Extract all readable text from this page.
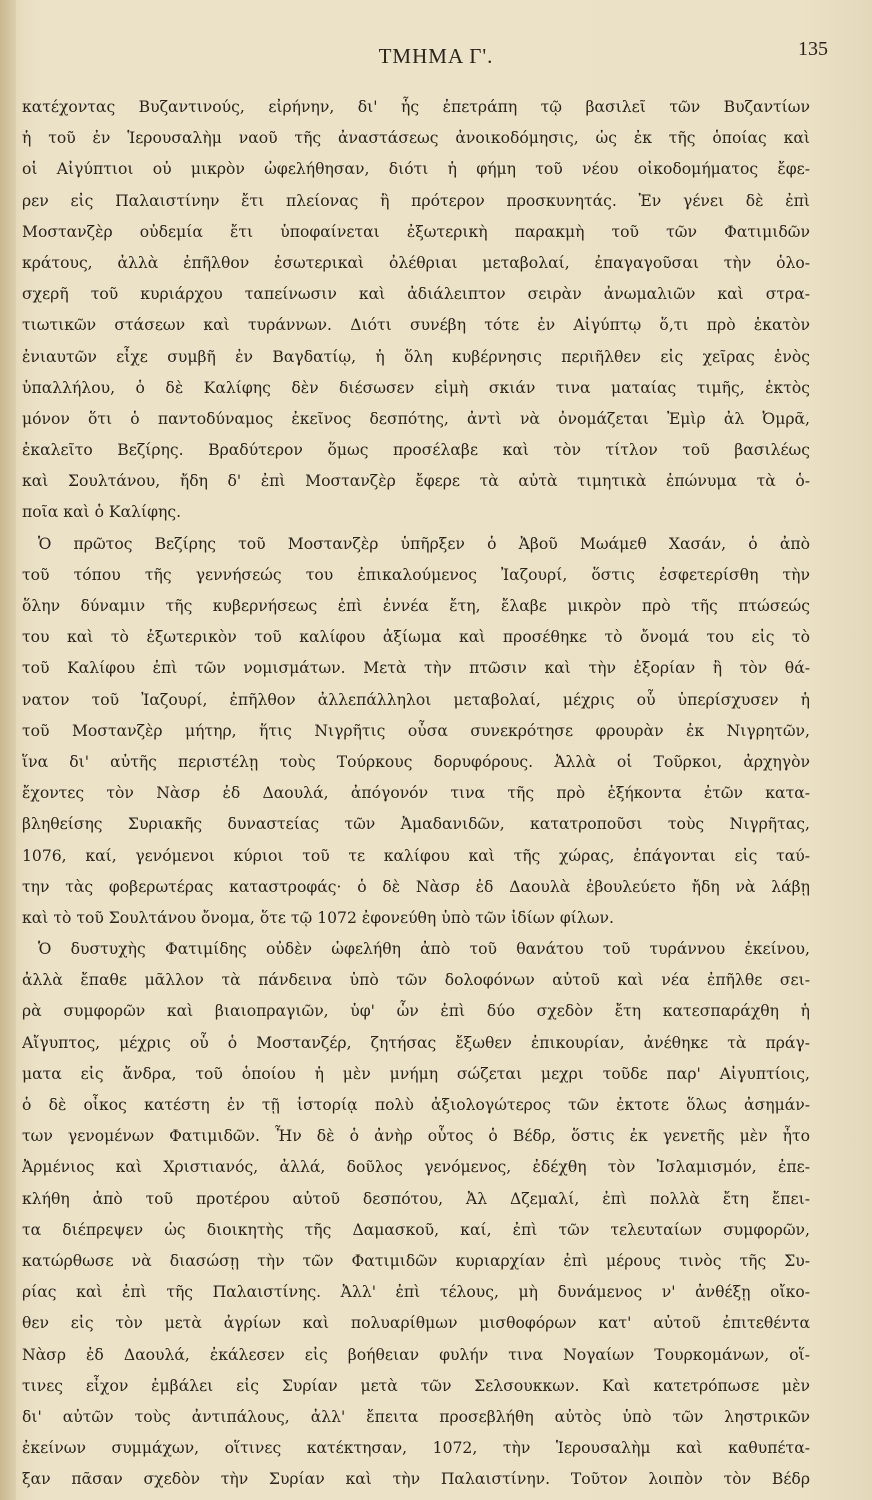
ΤΜΗΜΑ Γ'.	135
κατέχοντας Βυζαντινούς, εἰρήνην, δι' ἧς ἐπετράπη τῷ βασιλεῖ τῶν Βυζαντίων
ἡ τοῦ ἐν Ἱερουσαλὴμ ναοῦ τῆς ἀναστάσεως ἀνοικοδόμησις, ὡς ἐκ τῆς ὁποίας καὶ
οἱ Αἰγύπτιοι οὐ μικρὸν ὠφελήθησαν, διότι ἡ φήμη τοῦ νέου οἰκοδομήματος ἔφε-
ρεν εἰς Παλαιστίνην ἔτι πλείονας ἢ πρότερον προσκυνητάς. Ἐν γένει δὲ ἐπὶ
Μοστανζὲρ οὐδεμία ἔτι ὑποφαίνεται ἐξωτερικὴ παρακμὴ τοῦ τῶν Φατιμιδῶν
κράτους, ἀλλὰ ἐπῆλθον ἐσωτερικαὶ ὀλέθριαι μεταβολαί, ἐπαγαγοῦσαι τὴν ὁλο-
σχερῆ τοῦ κυριάρχου ταπείνωσιν καὶ ἀδιάλειπτον σειρὰν ἀνωμαλιῶν καὶ στρα-
τιωτικῶν στάσεων καὶ τυράννων. Διότι συνέβη τότε ἐν Αἰγύπτῳ ὅ,τι πρὸ ἑκατὸν
ἐνιαυτῶν εἶχε συμβῆ ἐν Βαγδατίῳ, ἡ ὅλη κυβέρνησις περιῆλθεν εἰς χεῖρας ἑνὸς
ὑπαλλήλου, ὁ δὲ Καλίφης δὲν διέσωσεν εἰμὴ σκιάν τινα ματαίας τιμῆς, ἐκτὸς
μόνον ὅτι ὁ παντοδύναμος ἐκεῖνος δεσπότης, ἀντὶ νὰ ὀνομάζεται Ἐμὶρ ἀλ Ὀμρᾶ,
ἐκαλεῖτο Βεζίρης. Βραδύτερον ὅμως προσέλαβε καὶ τὸν τίτλον τοῦ βασιλέως
καὶ Σουλτάνου, ἤδη δ' ἐπὶ Μοστανζὲρ ἔφερε τὰ αὐτὰ τιμητικὰ ἐπώνυμα τὰ ὁ-
ποῖα καὶ ὁ Καλίφης.
Ὁ πρῶτος Βεζίρης τοῦ Μοστανζὲρ ὑπῆρξεν ὁ Ἀβοῦ Μωάμεθ Χασάν, ὁ ἀπὸ
τοῦ τόπου τῆς γεννήσεώς του ἐπικαλούμενος Ἰαζουρί, ὅστις ἐσφετερίσθη τὴν
ὅλην δύναμιν τῆς κυβερνήσεως ἐπὶ ἐννέα ἔτη, ἔλαβε μικρὸν πρὸ τῆς πτώσεώς
του καὶ τὸ ἐξωτερικὸν τοῦ καλίφου ἀξίωμα καὶ προσέθηκε τὸ ὄνομά του εἰς τὸ
τοῦ Καλίφου ἐπὶ τῶν νομισμάτων. Μετὰ τὴν πτῶσιν καὶ τὴν ἐξορίαν ἢ τὸν θά-
νατον τοῦ Ἰαζουρί, ἐπῆλθον ἀλλεπάλληλοι μεταβολαί, μέχρις οὗ ὑπερίσχυσεν ἡ
τοῦ Μοστανζὲρ μήτηρ, ἥτις Νιγρῆτις οὖσα συνεκρότησε φρουρὰν ἐκ Νιγρητῶν,
ἵνα δι' αὐτῆς περιστέλῃ τοὺς Τούρκους δορυφόρους. Ἀλλὰ οἱ Τοῦρκοι, ἀρχηγὸν
ἔχοντες τὸν Νὰσρ ἐδ Δαουλά, ἀπόγονόν τινα τῆς πρὸ ἑξήκοντα ἐτῶν κατα-
βληθείσης Συριακῆς δυναστείας τῶν Ἀμαδανιδῶν, κατατροποῦσι τοὺς Νιγρῆτας,
1076, καί, γενόμενοι κύριοι τοῦ τε καλίφου καὶ τῆς χώρας, ἐπάγονται εἰς ταύ-
την τὰς φοβερωτέρας καταστροφάς· ὁ δὲ Νὰσρ ἐδ Δαουλὰ ἐβουλεύετο ἤδη νὰ λάβῃ
καὶ τὸ τοῦ Σουλτάνου ὄνομα, ὅτε τῷ 1072 ἐφονεύθη ὑπὸ τῶν ἰδίων φίλων.
Ὁ δυστυχὴς Φατιμίδης οὐδὲν ὠφελήθη ἀπὸ τοῦ θανάτου τοῦ τυράννου ἐκείνου,
ἀλλὰ ἔπαθε μᾶλλον τὰ πάνδεινα ὑπὸ τῶν δολοφόνων αὐτοῦ καὶ νέα ἐπῆλθε σει-
ρὰ συμφορῶν καὶ βιαιοπραγιῶν, ὑφ' ὧν ἐπὶ δύο σχεδὸν ἔτη κατεσπαράχθη ἡ
Αἴγυπτος, μέχρις οὗ ὁ Μοστανζέρ, ζητήσας ἔξωθεν ἐπικουρίαν, ἀνέθηκε τὰ πράγ-
ματα εἰς ἄνδρα, τοῦ ὁποίου ἡ μὲν μνήμη σώζεται μεχρι τοῦδε παρ' Αἰγυπτίοις,
ὁ δὲ οἶκος κατέστη ἐν τῇ ἱστορίᾳ πολὺ ἀξιολογώτερος τῶν ἐκτοτε ὅλως ἀσημάν-
των γενομένων Φατιμιδῶν. Ἦν δὲ ὁ ἀνὴρ οὗτος ὁ Βέδρ, ὅστις ἐκ γενετῆς μὲν ἦτο
Ἀρμένιος καὶ Χριστιανός, ἀλλά, δοῦλος γενόμενος, ἐδέχθη τὸν Ἰσλαμισμόν, ἐπε-
κλήθη ἀπὸ τοῦ προτέρου αὐτοῦ δεσπότου, Ἀλ Δζεμαλί, ἐπὶ πολλὰ ἔτη ἔπει-
τα διέπρεψεν ὡς διοικητὴς τῆς Δαμασκοῦ, καί, ἐπὶ τῶν τελευταίων συμφορῶν,
κατώρθωσε νὰ διασώσῃ τὴν τῶν Φατιμιδῶν κυριαρχίαν ἐπὶ μέρους τινὸς τῆς Συ-
ρίας καὶ ἐπὶ τῆς Παλαιστίνης. Ἀλλ' ἐπὶ τέλους, μὴ δυνάμενος ν' ἀνθέξῃ οἴκο-
θεν εἰς τὸν μετὰ ἀγρίων καὶ πολυαρίθμων μισθοφόρων κατ' αὐτοῦ ἐπιτεθέντα
Νὰσρ ἐδ Δαουλά, ἐκάλεσεν εἰς βοήθειαν φυλήν τινα Νογαίων Τουρκομάνων, οἵ-
τινες εἶχον ἐμβάλει εἰς Συρίαν μετὰ τῶν Σελσουκκων. Καὶ κατετρόπωσε μὲν
δι' αὐτῶν τοὺς ἀντιπάλους, ἀλλ' ἔπειτα προσεβλήθη αὐτὸς ὑπὸ τῶν ληστρικῶν
ἐκείνων συμμάχων, οἵτινες κατέκτησαν, 1072, τὴν Ἱερουσαλὴμ καὶ καθυπέτα-
ξαν πᾶσαν σχεδὸν τὴν Συρίαν καὶ τὴν Παλαιστίνην. Τοῦτον λοιπὸν τὸν Βέδρ
